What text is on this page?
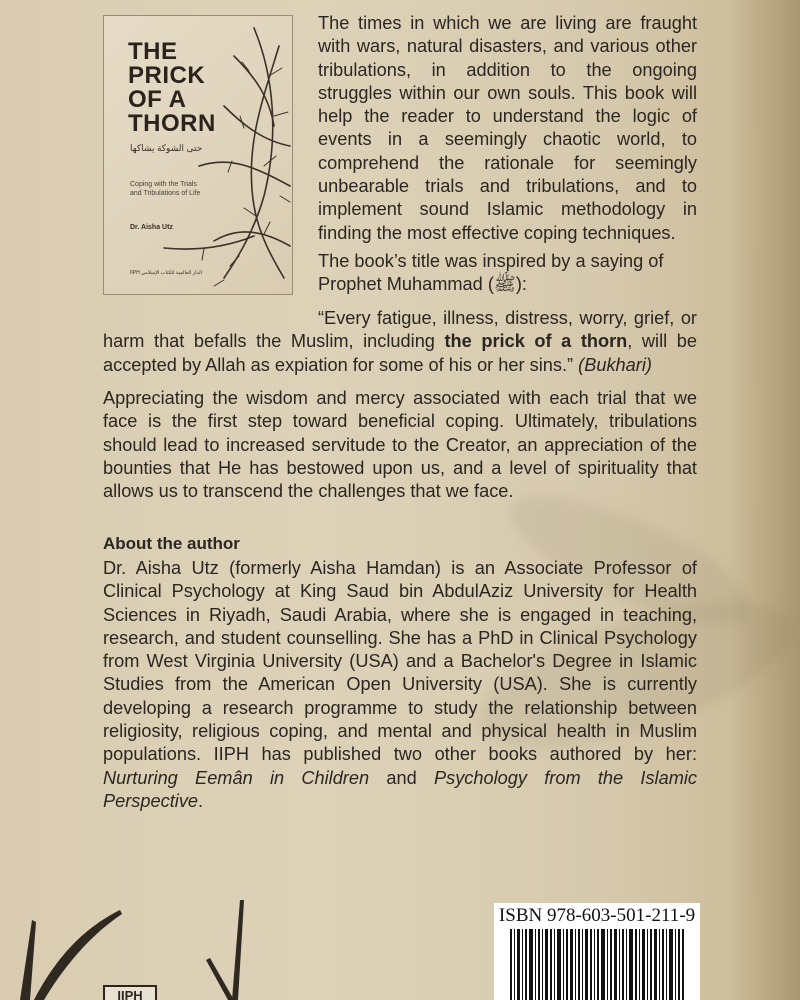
THE
PRICK
OF A
THORN
حتى الشوكة يشاكها
Coping with the Trials
and Tribulations of Life
Dr. Aisha Utz
IIPH الدار العالمية للكتاب الإسلامي

The times in which we are living are fraught with wars, natural disasters, and various other tribulations, in addition to the ongoing struggles within our own souls. This book will help the reader to understand the logic of events in a seemingly chaotic world, to comprehend the rationale for seemingly unbearable trials and tribulations, and to implement sound Islamic methodology in finding the most effective coping techniques.

The book’s title was inspired by a saying of Prophet Muhammad (ﷺ):

“Every fatigue, illness, distress, worry, grief, or harm that befalls the Muslim, including the prick of a thorn, will be accepted by Allah as expiation for some of his or her sins.” (Bukhari)

Appreciating the wisdom and mercy associated with each trial that we face is the first step toward beneficial coping. Ultimately, tribulations should lead to increased servitude to the Creator, an appreciation of the bounties that He has bestowed upon us, and a level of spirituality that allows us to transcend the challenges that we face.

About the author

Dr. Aisha Utz (formerly Aisha Hamdan) is an Associate Professor of Clinical Psychology at King Saud bin AbdulAziz University for Health Sciences in Riyadh, Saudi Arabia, where she is engaged in teaching, research, and student counselling. She has a PhD in Clinical Psychology from West Virginia University (USA) and a Bachelor's Degree in Islamic Studies from the American Open University (USA). She is currently developing a research programme to study the relationship between religiosity, religious coping, and mental and physical health in Muslim populations. IIPH has published two other books authored by her: Nurturing Eemân in Children and Psychology from the Islamic Perspective.

IIPH
ISBN 978-603-501-211-9
